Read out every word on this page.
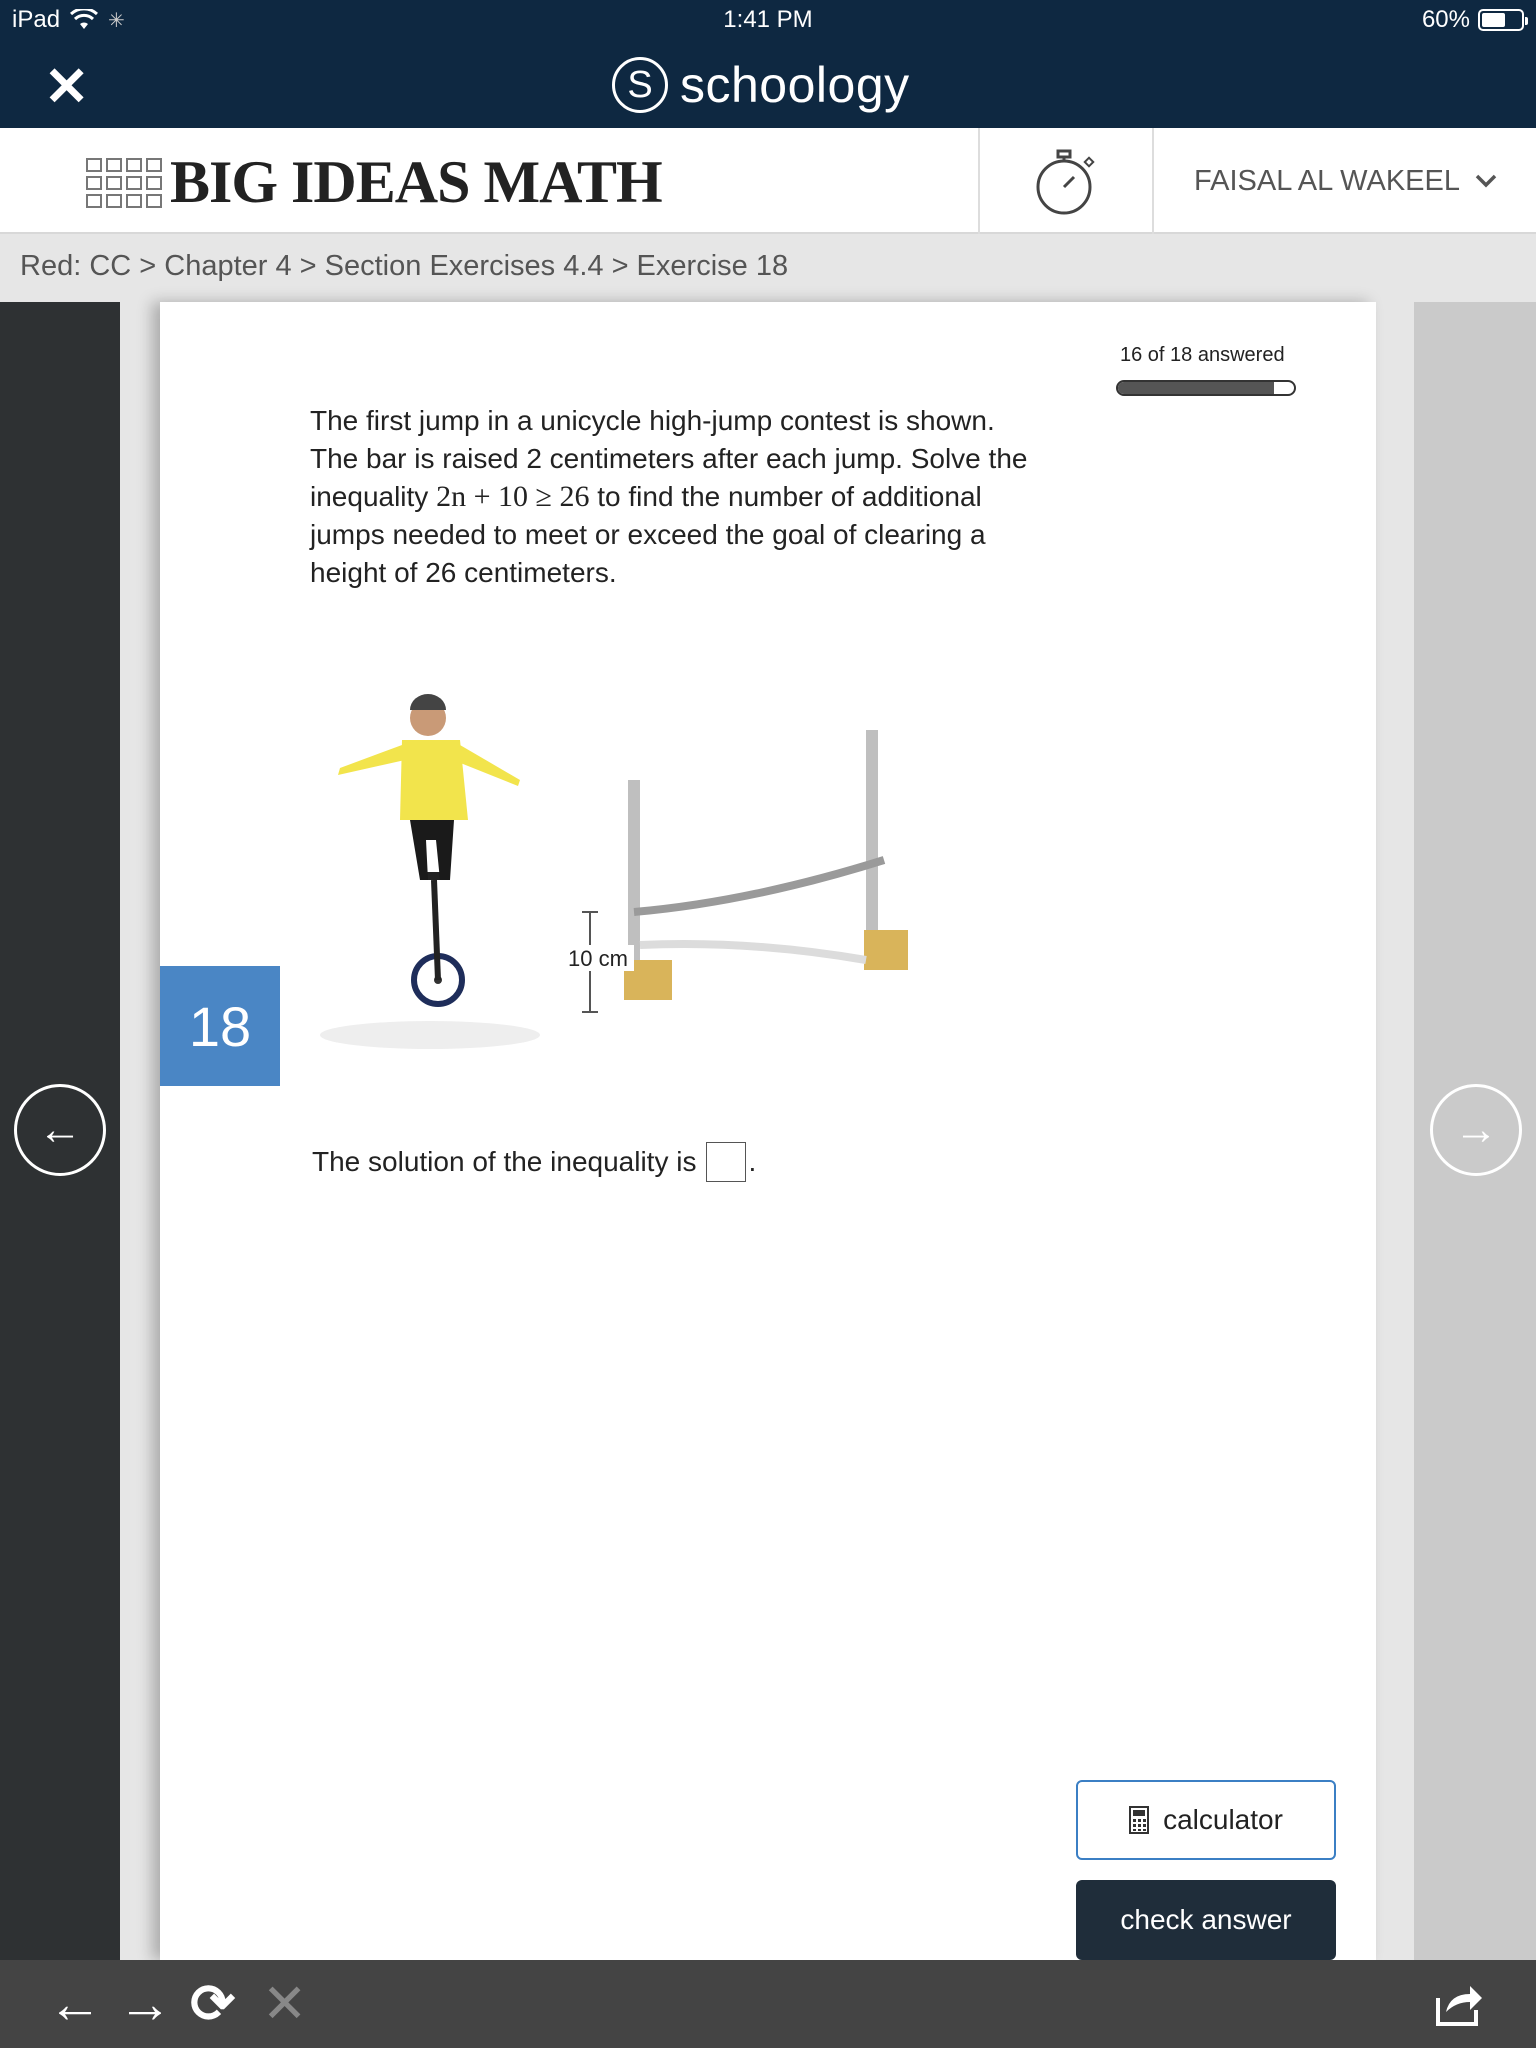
iPad ✳	1:41 PM	60%
✕	S schoology
BIG IDEAS MATH	FAISAL AL WAKEEL
Red: CC > Chapter 4 > Section Exercises 4.4 > Exercise 18
16 of 18 answered
The first jump in a unicycle high-jump contest is shown. The bar is raised 2 centimeters after each jump. Solve the inequality 2n + 10 ≥ 26 to find the number of additional jumps needed to meet or exceed the goal of clearing a height of 26 centimeters.
10 cm
The solution of the inequality is .
calculator
check answer
18
←	→
← → ⟳ ✕
